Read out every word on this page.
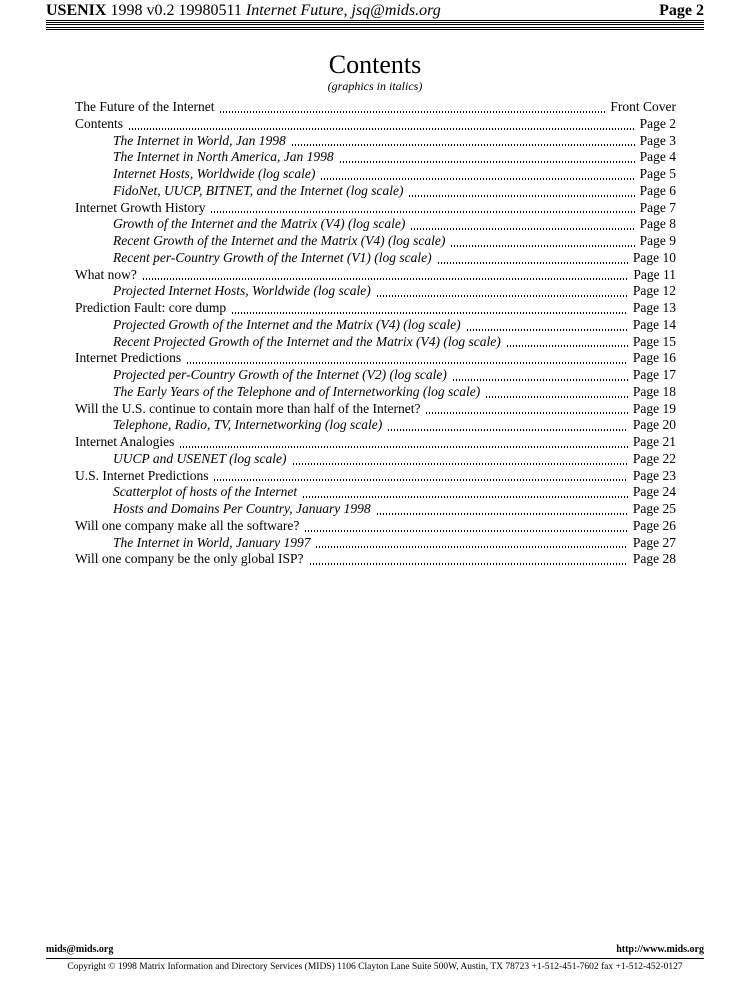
USENIX 1998 v0.2 19980511 Internet Future, jsq@mids.org	Page 2
Contents
(graphics in italics)
The Future of the Internet	Front Cover
Contents	Page 2
The Internet in World, Jan 1998	Page 3
The Internet in North America, Jan 1998	Page 4
Internet Hosts, Worldwide (log scale)	Page 5
FidoNet, UUCP, BITNET, and the Internet (log scale)	Page 6
Internet Growth History	Page 7
Growth of the Internet and the Matrix (V4) (log scale)	Page 8
Recent Growth of the Internet and the Matrix (V4) (log scale)	Page 9
Recent per-Country Growth of the Internet (V1) (log scale)	Page 10
What now?	Page 11
Projected Internet Hosts, Worldwide (log scale)	Page 12
Prediction Fault: core dump	Page 13
Projected Growth of the Internet and the Matrix (V4) (log scale)	Page 14
Recent Projected Growth of the Internet and the Matrix (V4) (log scale)	Page 15
Internet Predictions	Page 16
Projected per-Country Growth of the Internet (V2) (log scale)	Page 17
The Early Years of the Telephone and of Internetworking (log scale)	Page 18
Will the U.S. continue to contain more than half of the Internet?	Page 19
Telephone, Radio, TV, Internetworking (log scale)	Page 20
Internet Analogies	Page 21
UUCP and USENET (log scale)	Page 22
U.S. Internet Predictions	Page 23
Scatterplot of hosts of the Internet	Page 24
Hosts and Domains Per Country, January 1998	Page 25
Will one company make all the software?	Page 26
The Internet in World, January 1997	Page 27
Will one company be the only global ISP?	Page 28
mids@mids.org	http://www.mids.org
Copyright © 1998 Matrix Information and Directory Services (MIDS) 1106 Clayton Lane Suite 500W, Austin, TX 78723 +1-512-451-7602 fax +1-512-452-0127
